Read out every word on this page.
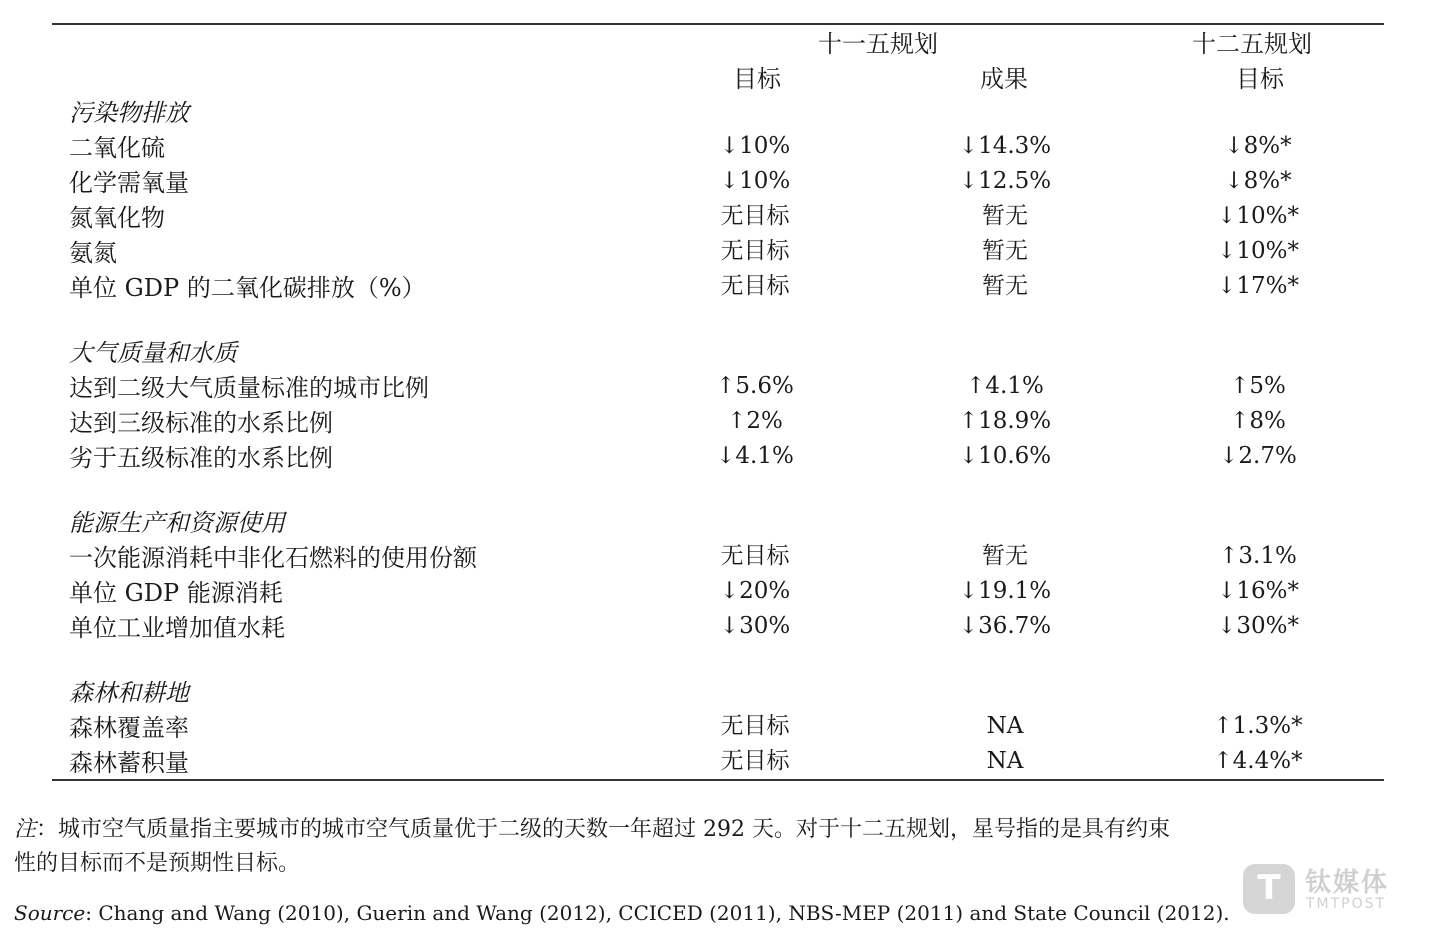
十一五规划	十二五规划
目标	成果	目标
污染物排放
二氧化硫	↓10%	↓14.3%	↓8%*
化学需氧量	↓10%	↓12.5%	↓8%*
氮氧化物	无目标	暂无	↓10%*
氨氮	无目标	暂无	↓10%*
单位 GDP 的二氧化碳排放（%）	无目标	暂无	↓17%*
大气质量和水质
达到二级大气质量标准的城市比例	↑5.6%	↑4.1%	↑5%
达到三级标准的水系比例	↑2%	↑18.9%	↑8%
劣于五级标准的水系比例	↓4.1%	↓10.6%	↓2.7%
能源生产和资源使用
一次能源消耗中非化石燃料的使用份额	无目标	暂无	↑3.1%
单位 GDP 能源消耗	↓20%	↓19.1%	↓16%*
单位工业增加值水耗	↓30%	↓36.7%	↓30%*
森林和耕地
森林覆盖率	无目标	NA	↑1.3%*
森林蓄积量	无目标	NA	↑4.4%*
注：城市空气质量指主要城市的城市空气质量优于二级的天数一年超过 292 天。对于十二五规划，星号指的是具有约束
性的目标而不是预期性目标。
Source: Chang and Wang (2010), Guerin and Wang (2012), CCICED (2011), NBS-MEP (2011) and State Council (2012).
T 钛媒体
TMTPOST
